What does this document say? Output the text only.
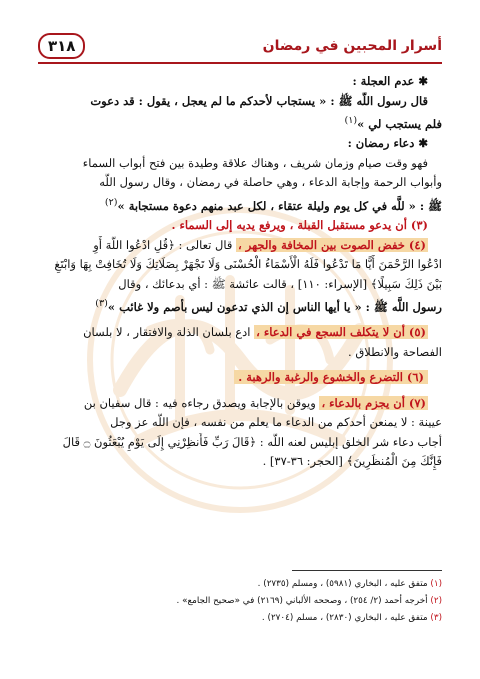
أسرار المحبين في رمضان
٣١٨
✱ عدم العجلة :
قال رسول اللَّه ﷺ : « يستجاب لأحدكم ما لم يعجل ، يقول : قد دعوت
فلم يستجب لي »$^{(١)}$
✱ دعاء رمضان :
فهو وقت صيام وزمان شريف ، وهناك علاقة وطيدة بين فتح أبواب السماء
وأبواب الرحمة وإجابة الدعاء ، وهي حاصلة في رمضان ، وقال رسول اللَّه
ﷺ : « للَّه في كل يوم وليلة عتقاء ، لكل عبد منهم دعوة مستجابة »$^{(٢)}$
(٣) أن يدعو مستقبل القبلة ، ويرفع يديه إلى السماء .
(٤) خفض الصوت بين المخافة والجهر ، قال تعالى : ﴿قُلِ ادْعُوا اللَّهَ أَوِ
ادْعُوا الرَّحْمَنَ أَيًّا مَا تَدْعُوا فَلَهُ الْأَسْمَاءُ الْحُسْنَى وَلَا تَجْهَرْ بِصَلَاتِكَ وَلَا تُخَافِتْ بِهَا وَابْتَغِ
بَيْنَ ذَلِكَ سَبِيلًا﴾ [الإسراء: ١١٠] ، قالت عائشة ﷺ : أي بدعائك ، وقال
رسول اللَّه ﷺ : « يا أيها الناس إن الذي تدعون ليس بأصم ولا غائب »$^{(٣)}$
(٥) أن لا يتكلف السجع في الدعاء ، ادع بلسان الذلة والافتقار ، لا بلسان
الفصاحة والانطلاق .
(٦) التضرع والخشوع والرغبة والرهبة .
(٧) أن يجزم بالدعاء ، ويوقن بالإجابة ويصدق رجاءه فيه : قال سفيان بن
عيينة : لا يمنعن أحدكم من الدعاء ما يعلم من نفسه ، فإن اللَّه عز وجل
أجاب دعاء شر الخلق إبليس لعنه اللَّه : ﴿قَالَ رَبِّ فَأَنظِرْنِي إِلَى يَوْمِ يُبْعَثُونَ ۝ قَالَ
فَإِنَّكَ مِنَ الْمُنظَرِينَ﴾ [الحجر: ٣٦-٣٧] .
(١) متفق عليه ، البخاري (٥٩٨١) ، ومسلم (٢٧٣٥) .
(٢) أخرجه أحمد (٢/ ٢٥٤) ، وصححه الألباني (٢١٦٩) في «صحيح الجامع» .
(٣) متفق عليه ، البخاري (٢٨٣٠) ، مسلم (٢٧٠٤) .
